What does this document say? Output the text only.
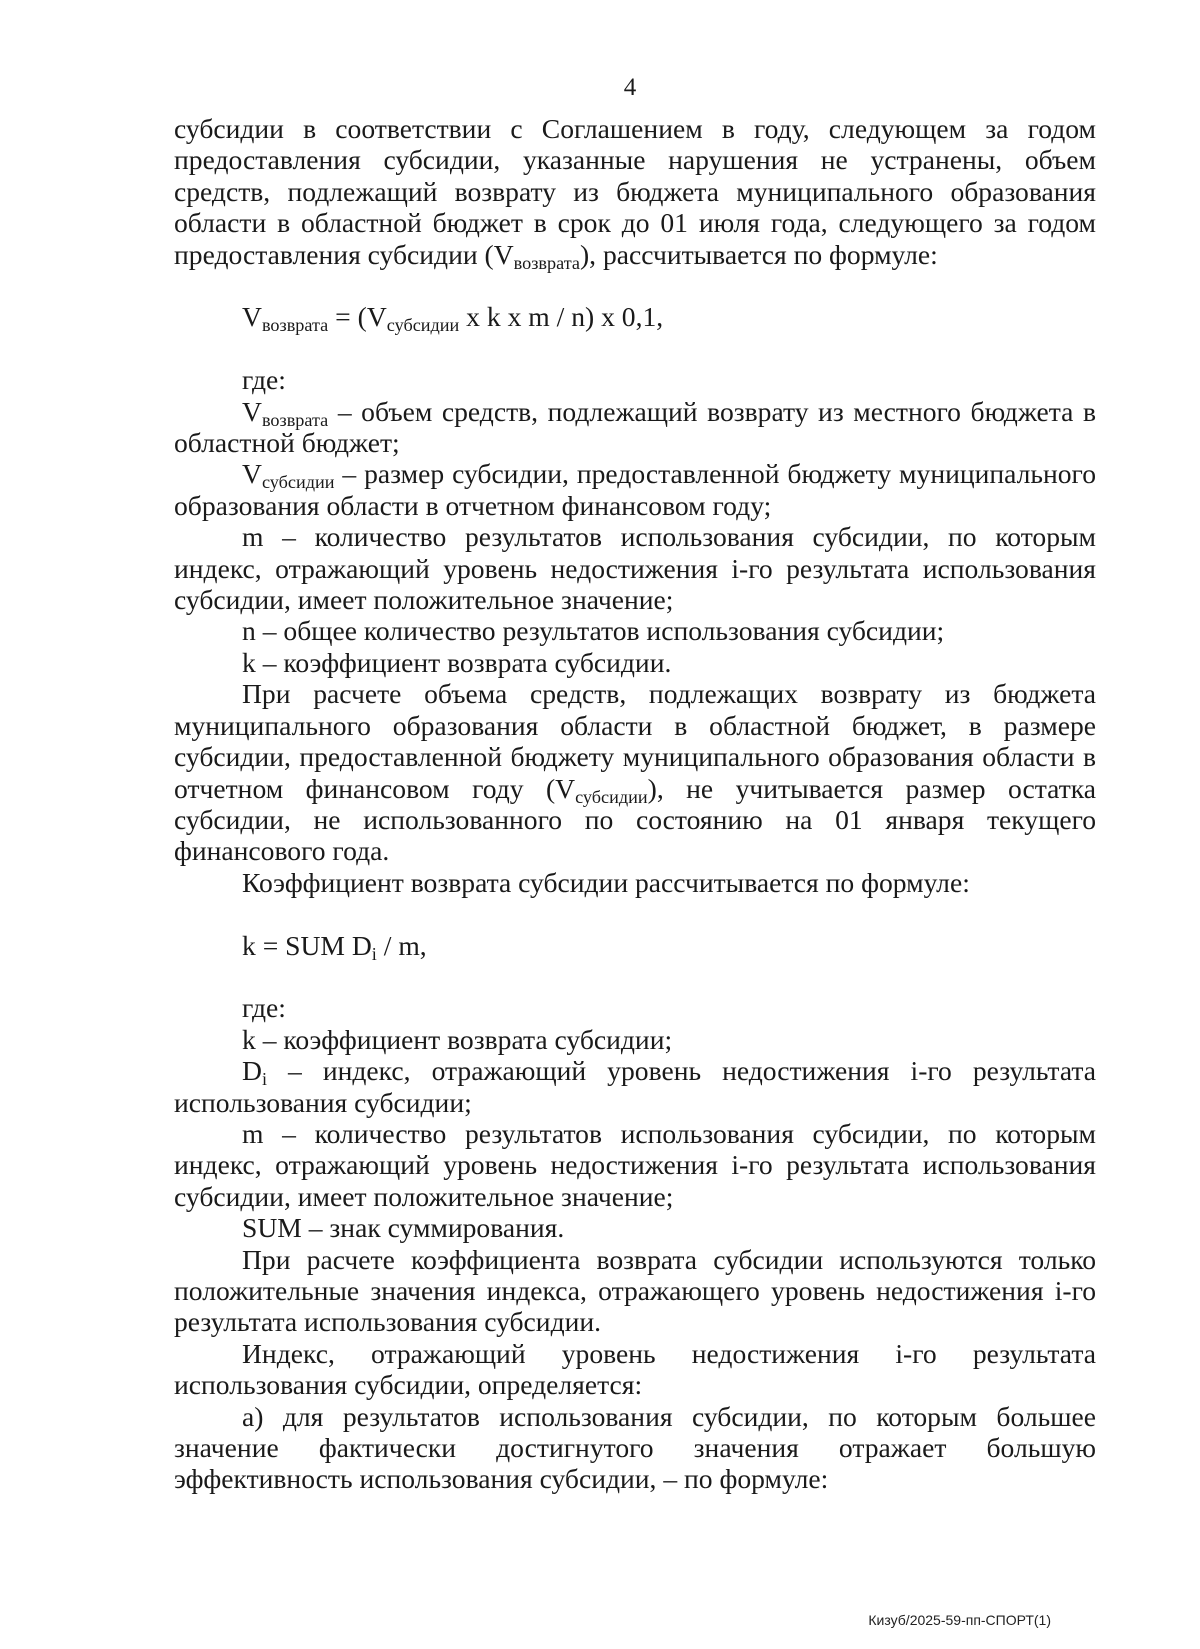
4

субсидии в соответствии с Соглашением в году, следующем за годом предоставления субсидии, указанные нарушения не устранены, объем средств, подлежащий возврату из бюджета муниципального образования области в областной бюджет в срок до 01 июля года, следующего за годом предоставления субсидии $(V_{возврата})$, рассчитывается по формуле:

$V_{возврата} = (V_{субсидии}$ x k x m / n) x 0,1,

где:

$V_{возврата}$ – объем средств, подлежащий возврату из местного бюджета в областной бюджет;

$V_{субсидии}$ – размер субсидии, предоставленной бюджету муниципального образования области в отчетном финансовом году;

m – количество результатов использования субсидии, по которым индекс, отражающий уровень недостижения i-го результата использования субсидии, имеет положительное значение;

n – общее количество результатов использования субсидии;

k – коэффициент возврата субсидии.

При расчете объема средств, подлежащих возврату из бюджета муниципального образования области в областной бюджет, в размере субсидии, предоставленной бюджету муниципального образования области в отчетном финансовом году $(V_{субсидии})$, не учитывается размер остатка субсидии, не использованного по состоянию на 01 января текущего финансового года.

Коэффициент возврата субсидии рассчитывается по формуле:

k = SUM $D_i$ / m,

где:

k – коэффициент возврата субсидии;

$D_i$ – индекс, отражающий уровень недостижения i-го результата использования субсидии;

m – количество результатов использования субсидии, по которым индекс, отражающий уровень недостижения i-го результата использования субсидии, имеет положительное значение;

SUM – знак суммирования.

При расчете коэффициента возврата субсидии используются только положительные значения индекса, отражающего уровень недостижения i-го результата использования субсидии.

Индекс, отражающий уровень недостижения i-го результата использования субсидии, определяется:

а) для результатов использования субсидии, по которым большее значение фактически достигнутого значения отражает большую эффективность использования субсидии, – по формуле:

Кизуб/2025-59-пп-СПОРТ(1)
